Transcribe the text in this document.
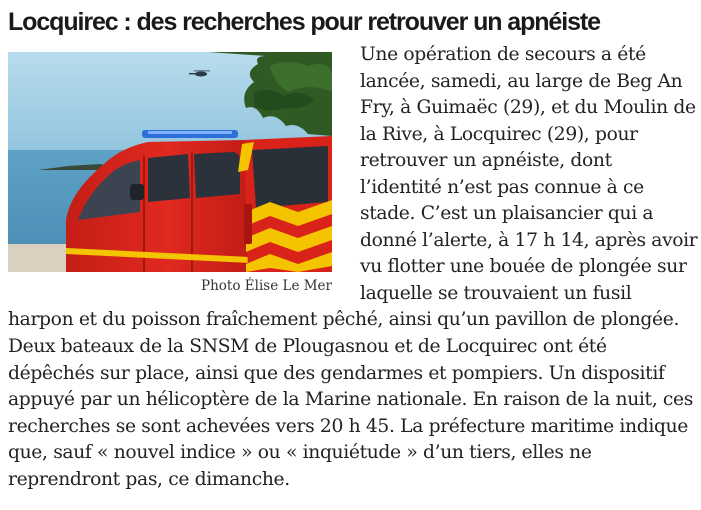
Locquirec : des recherches pour retrouver un apnéiste
Photo Élise Le Mer

Une opération de secours a été lancée, samedi, au large de Beg An Fry, à Guimaëc (29), et du Moulin de la Rive, à Locquirec (29), pour retrouver un apnéiste, dont l’identité n’est pas connue à ce stade. C’est un plaisancier qui a donné l’alerte, à 17 h 14, après avoir vu flotter une bouée de plongée sur laquelle se trouvaient un fusil harpon et du poisson fraîchement pêché, ainsi qu’un pavillon de plongée. Deux bateaux de la SNSM de Plougasnou et de Locquirec ont été dépêchés sur place, ainsi que des gendarmes et pompiers. Un dispositif appuyé par un hélicoptère de la Marine nationale. En raison de la nuit, ces recherches se sont achevées vers 20 h 45. La préfecture maritime indique que, sauf « nouvel indice » ou « inquiétude » d’un tiers, elles ne reprendront pas, ce dimanche.
